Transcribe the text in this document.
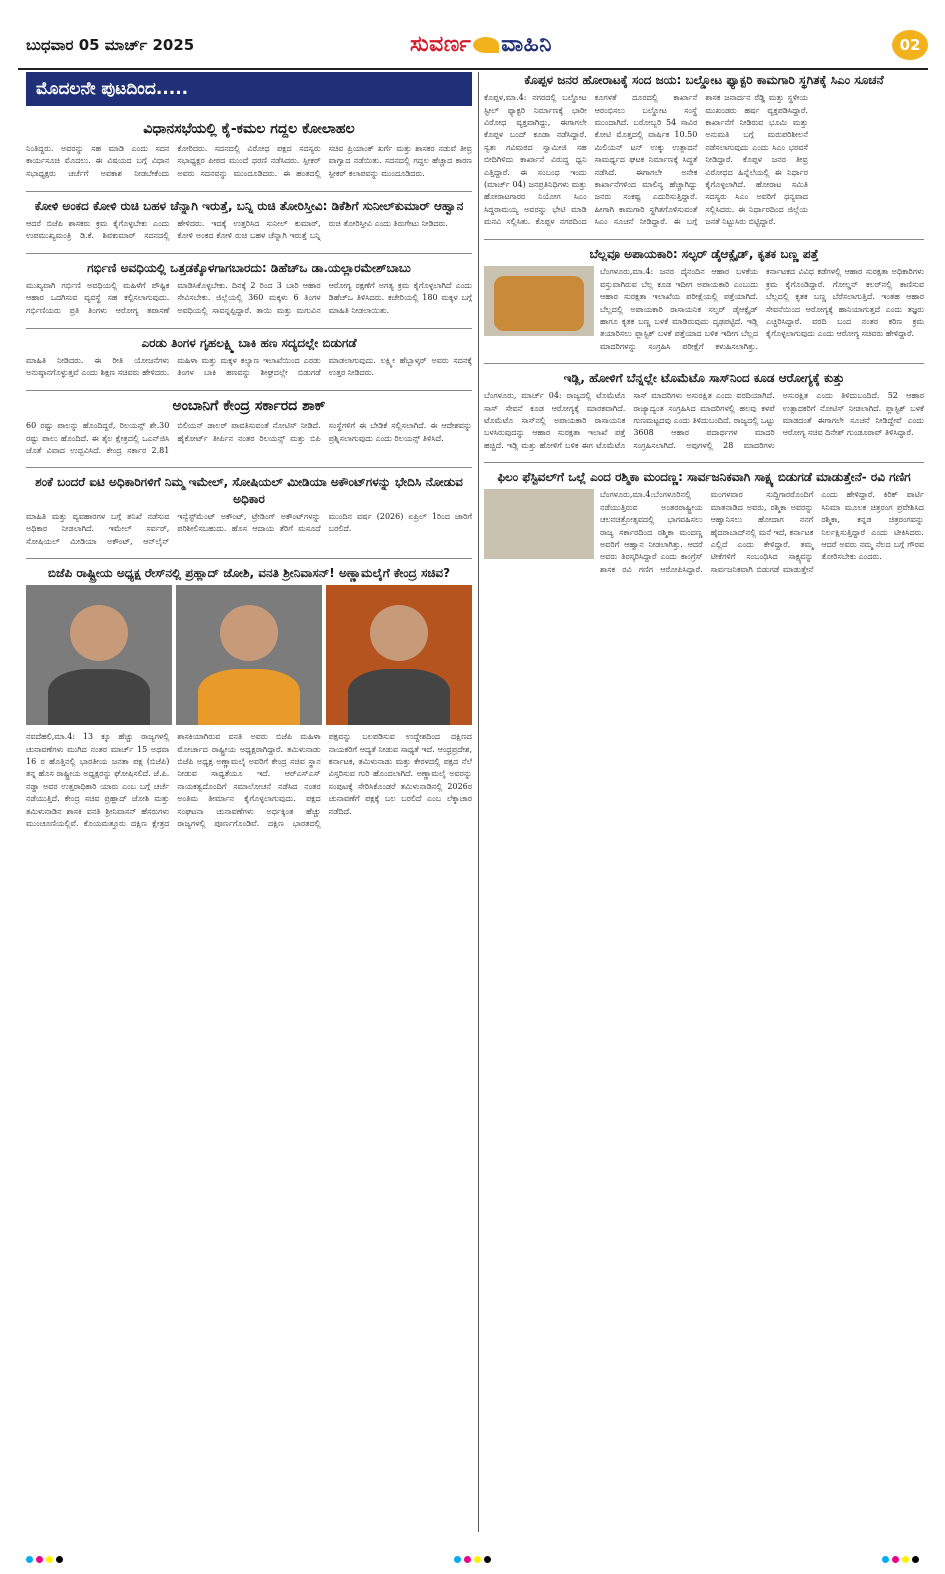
ಬುಧವಾರ 05 ಮಾರ್ಚ್ 2025	ಸುವರ್ಣ ವಾಹಿನಿ	02
ಮೊದಲನೇ ಪುಟದಿಂದ.....
ವಿಧಾನಸಭೆಯಲ್ಲಿ ಕೈ-ಕಮಲ ಗದ್ದಲ ಕೋಲಾಹಲ

ನಿಂತಿದ್ದರು. ಅವರನ್ನು ಸಹ ಮಾಡಿ ಎಂದು ಸದನ ಕಾರ್ಯಸೂಚಿ ಮೊದಲು. ಈ ವಿಷಯದ ಬಗ್ಗೆ ವಿಧಾನ ಸಭಾಧ್ಯಕ್ಷರು ಚರ್ಚೆಗೆ ಅವಕಾಶ ನೀಡಬೇಕೆಂದು ಕೋರಿದರು. ಸದನದಲ್ಲಿ ವಿರೋಧ ಪಕ್ಷದ ಸದಸ್ಯರು ಸಭಾಧ್ಯಕ್ಷರ ಪೀಠದ ಮುಂದೆ ಧರಣಿ ನಡೆಸಿದರು. ಸ್ಪೀಕರ್ ಅವರು ಸದನವನ್ನು ಮುಂದೂಡಿದರು. ಈ ಹಂತದಲ್ಲಿ ಸಚಿವ ಪ್ರಿಯಾಂಕ್ ಖರ್ಗೆ ಮತ್ತು ಶಾಸಕರ ನಡುವೆ ತೀವ್ರ ವಾಗ್ವಾದ ನಡೆಯಿತು. ಸದನದಲ್ಲಿ ಗದ್ದಲ ಹೆಚ್ಚಾದ ಕಾರಣ ಸ್ಪೀಕರ್ ಕಲಾಪವನ್ನು ಮುಂದೂಡಿದರು.

ಕೋಳಿ ಅಂಕದ ಕೋಳಿ ರುಚಿ ಬಹಳ ಚೆನ್ನಾಗಿ ಇರುತ್ತೆ, ಬನ್ನಿ ರುಚಿ ತೋರಿಸ್ತೀವಿ: ಡಿಕೆಶಿಗೆ ಸುನೀಲ್‌ಕುಮಾರ್ ಆಹ್ವಾನ

ಆದರೆ ಬಿಜೆಪಿ ಶಾಸಕರು ಕ್ರಮ ಕೈಗೊಳ್ಳಬೇಕು ಎಂದು ಉಪಮುಖ್ಯಮಂತ್ರಿ ಡಿ.ಕೆ. ಶಿವಕುಮಾರ್ ಸದನದಲ್ಲಿ ಹೇಳಿದರು. ಇದಕ್ಕೆ ಉತ್ತರಿಸಿದ ಸುನೀಲ್ ಕುಮಾರ್, ಕೋಳಿ ಅಂಕದ ಕೋಳಿ ರುಚಿ ಬಹಳ ಚೆನ್ನಾಗಿ ಇರುತ್ತೆ ಬನ್ನಿ ರುಚಿ ತೋರಿಸ್ತೀವಿ ಎಂದು ತಿರುಗೇಟು ನೀಡಿದರು.

ಗರ್ಭಿಣಿ ಅವಧಿಯಲ್ಲಿ ಒತ್ತಡಕ್ಕೊಳಗಾಗಬಾರದು: ಡಿಹೆಚ್‌ಒ ಡಾ.ಯಲ್ಲಾರಮೇಶ್‌ಬಾಬು

ಮುಖ್ಯವಾಗಿ ಗರ್ಭಿಣಿ ಅವಧಿಯಲ್ಲಿ ಮಹಿಳೆಗೆ ಪೌಷ್ಟಿಕ ಆಹಾರ ಒದಗಿಸುವ ವ್ಯವಸ್ಥೆ ಸಹ ಕಲ್ಪಿಸಲಾಗುವುದು. ಗರ್ಭಿಣಿಯರು ಪ್ರತಿ ತಿಂಗಳು ಆರೋಗ್ಯ ತಪಾಸಣೆ ಮಾಡಿಸಿಕೊಳ್ಳಬೇಕು. ದಿನಕ್ಕೆ 2 ರಿಂದ 3 ಬಾರಿ ಆಹಾರ ಸೇವಿಸಬೇಕು. ಜಿಲ್ಲೆಯಲ್ಲಿ 360 ಮಕ್ಕಳು 6 ತಿಂಗಳ ಅವಧಿಯಲ್ಲಿ ಸಾವನ್ನಪ್ಪಿದ್ದಾರೆ. ತಾಯಿ ಮತ್ತು ಮಗುವಿನ ಆರೋಗ್ಯ ರಕ್ಷಣೆಗೆ ಅಗತ್ಯ ಕ್ರಮ ಕೈಗೊಳ್ಳಲಾಗಿದೆ ಎಂದು ಡಿಹೆಚ್‌ಒ ತಿಳಿಸಿದರು. ಕಚೇರಿಯಲ್ಲಿ 180 ಮಕ್ಕಳ ಬಗ್ಗೆ ಮಾಹಿತಿ ನೀಡಲಾಯಿತು.

ಎರಡು ತಿಂಗಳ ಗೃಹಲಕ್ಷ್ಮಿ ಬಾಕಿ ಹಣ ಸದ್ಯದಲ್ಲೇ ಬಿಡುಗಡೆ

ಮಾಹಿತಿ ನೀಡಿದರು. ಈ ರೀತಿ ಯೋಜನೆಗಳು ಅನುಷ್ಠಾನಗೊಳ್ಳುತ್ತವೆ ಎಂದು ಶಿಕ್ಷಣ ಸಚಿವರು ಹೇಳಿದರು. ಮಹಿಳಾ ಮತ್ತು ಮಕ್ಕಳ ಕಲ್ಯಾಣ ಇಲಾಖೆಯಿಂದ ಎರಡು ತಿಂಗಳ ಬಾಕಿ ಹಣವನ್ನು ಶೀಘ್ರದಲ್ಲೇ ಬಿಡುಗಡೆ ಮಾಡಲಾಗುವುದು. ಲಕ್ಷ್ಮೀ ಹೆಬ್ಬಾಳ್ಕರ್ ಅವರು ಸದನಕ್ಕೆ ಉತ್ತರ ನೀಡಿದರು.

ಅಂಬಾನಿಗೆ ಕೇಂದ್ರ ಸರ್ಕಾರದ ಶಾಕ್

60 ರಷ್ಟು ಪಾಲನ್ನು ಹೊಂದಿದ್ದರೆ, ರಿಲಯನ್ಸ್ ಶೇ.30 ರಷ್ಟು ಪಾಲು ಹೊಂದಿದೆ. ಈ ತೈಲ ಕ್ಷೇತ್ರದಲ್ಲಿ ಒಎನ್‌ಜಿಸಿ ಜೊತೆ ವಿವಾದ ಉದ್ಭವಿಸಿದೆ. ಕೇಂದ್ರ ಸರ್ಕಾರ 2.81 ಬಿಲಿಯನ್ ಡಾಲರ್ ಪಾವತಿಸುವಂತೆ ನೋಟಿಸ್ ನೀಡಿದೆ. ಹೈಕೋರ್ಟ್ ತೀರ್ಪಿನ ನಂತರ ರಿಲಯನ್ಸ್ ಮತ್ತು ಬಿಪಿ ಸಂಸ್ಥೆಗಳಿಗೆ ಈ ಬೇಡಿಕೆ ಸಲ್ಲಿಸಲಾಗಿದೆ. ಈ ಆದೇಶವನ್ನು ಪ್ರಶ್ನಿಸಲಾಗುವುದು ಎಂದು ರಿಲಯನ್ಸ್ ತಿಳಿಸಿದೆ.

ಶಂಕೆ ಬಂದರೆ ಐಟಿ ಅಧಿಕಾರಿಗಳಿಗೆ ನಿಮ್ಮ ಇಮೇಲ್, ಸೋಷಿಯಲ್ ಮೀಡಿಯಾ ಅಕೌಂಟ್‌ಗಳನ್ನು ಭೇದಿಸಿ ನೋಡುವ ಅಧಿಕಾರ

ಮಾಹಿತಿ ಮತ್ತು ವ್ಯವಹಾರಗಳ ಬಗ್ಗೆ ತನಿಖೆ ನಡೆಸುವ ಅಧಿಕಾರ ನೀಡಲಾಗಿದೆ. ಇಮೇಲ್ ಸರ್ವರ್, ಸೋಷಿಯಲ್ ಮೀಡಿಯಾ ಅಕೌಂಟ್, ಆನ್‌ಲೈನ್ ಇನ್ವೆಸ್ಟ್‌ಮೆಂಟ್ ಅಕೌಂಟ್, ಟ್ರೇಡಿಂಗ್ ಅಕೌಂಟ್‌ಗಳನ್ನು ಪರಿಶೀಲಿಸಬಹುದು. ಹೊಸ ಆದಾಯ ತೆರಿಗೆ ಮಸೂದೆ ಮುಂದಿನ ವರ್ಷ (2026) ಏಪ್ರಿಲ್ 1ರಿಂದ ಜಾರಿಗೆ ಬರಲಿದೆ.

ಬಿಜೆಪಿ ರಾಷ್ಟ್ರೀಯ ಅಧ್ಯಕ್ಷ ರೇಸ್‌ನಲ್ಲಿ ಪ್ರಹ್ಲಾದ್ ಜೋಶಿ, ವನತಿ ಶ್ರೀನಿವಾಸನ್! ಅಣ್ಣಾಮಲೈಗೆ ಕೇಂದ್ರ ಸಚಿವ?

ನವದೆಹಲಿ,ಮಾ.4: 13 ಕ್ಕೂ ಹೆಚ್ಚು ರಾಜ್ಯಗಳಲ್ಲಿ ಚುನಾವಣೆಗಳು ಮುಗಿದ ನಂತರ ಮಾರ್ಚ್ 15 ಅಥವಾ 16 ರ ಹೊತ್ತಿನಲ್ಲಿ ಭಾರತೀಯ ಜನತಾ ಪಕ್ಷ (ಬಿಜೆಪಿ) ತನ್ನ ಹೊಸ ರಾಷ್ಟ್ರೀಯ ಅಧ್ಯಕ್ಷರನ್ನು ಘೋಷಿಸಲಿದೆ. ಜೆ.ಪಿ. ನಡ್ಡಾ ಅವರ ಉತ್ತರಾಧಿಕಾರಿ ಯಾರು ಎಂಬ ಬಗ್ಗೆ ಚರ್ಚೆ ನಡೆಯುತ್ತಿದೆ. ಕೇಂದ್ರ ಸಚಿವ ಪ್ರಹ್ಲಾದ್ ಜೋಶಿ ಮತ್ತು ತಮಿಳುನಾಡಿನ ಶಾಸಕಿ ವನತಿ ಶ್ರೀನಿವಾಸನ್ ಹೆಸರುಗಳು ಮುಂಚೂಣಿಯಲ್ಲಿವೆ. ಕೊಯಮತ್ತೂರು ದಕ್ಷಿಣ ಕ್ಷೇತ್ರದ ಶಾಸಕಿಯಾಗಿರುವ ವನತಿ ಅವರು ಬಿಜೆಪಿ ಮಹಿಳಾ ಮೋರ್ಚಾದ ರಾಷ್ಟ್ರೀಯ ಅಧ್ಯಕ್ಷರಾಗಿದ್ದಾರೆ. ತಮಿಳುನಾಡು ಬಿಜೆಪಿ ಅಧ್ಯಕ್ಷ ಅಣ್ಣಾಮಲೈ ಅವರಿಗೆ ಕೇಂದ್ರ ಸಚಿವ ಸ್ಥಾನ ನೀಡುವ ಸಾಧ್ಯತೆಯೂ ಇದೆ. ಆರ್‌ಎಸ್‌ಎಸ್ ನಾಯಕತ್ವದೊಂದಿಗೆ ಸಮಾಲೋಚನೆ ನಡೆಸಿದ ನಂತರ ಅಂತಿಮ ತೀರ್ಮಾನ ಕೈಗೊಳ್ಳಲಾಗುವುದು. ಪಕ್ಷದ ಸಂಘಟನಾ ಚುನಾವಣೆಗಳು ಅರ್ಧಕ್ಕಿಂತ ಹೆಚ್ಚು ರಾಜ್ಯಗಳಲ್ಲಿ ಪೂರ್ಣಗೊಂಡಿವೆ. ದಕ್ಷಿಣ ಭಾರತದಲ್ಲಿ ಪಕ್ಷವನ್ನು ಬಲಪಡಿಸುವ ಉದ್ದೇಶದಿಂದ ದಕ್ಷಿಣದ ನಾಯಕರಿಗೆ ಆದ್ಯತೆ ನೀಡುವ ಸಾಧ್ಯತೆ ಇದೆ. ಆಂಧ್ರಪ್ರದೇಶ, ಕರ್ನಾಟಕ, ತಮಿಳುನಾಡು ಮತ್ತು ಕೇರಳದಲ್ಲಿ ಪಕ್ಷದ ನೆಲೆ ವಿಸ್ತರಿಸುವ ಗುರಿ ಹೊಂದಲಾಗಿದೆ. ಅಣ್ಣಾಮಲೈ ಅವರನ್ನು ಸಂಪುಟಕ್ಕೆ ಸೇರಿಸಿಕೊಂಡರೆ ತಮಿಳುನಾಡಿನಲ್ಲಿ 2026ರ ಚುನಾವಣೆಗೆ ಪಕ್ಷಕ್ಕೆ ಬಲ ಬರಲಿದೆ ಎಂಬ ಲೆಕ್ಕಾಚಾರ ನಡೆದಿದೆ.

ಕೊಪ್ಪಳ ಜನರ ಹೋರಾಟಕ್ಕೆ ಸಂದ ಜಯ: ಬಲ್ಡೋಟ ಫ್ಯಾಕ್ಟರಿ ಕಾಮಗಾರಿ ಸ್ಥಗಿತಕ್ಕೆ ಸಿಎಂ ಸೂಚನೆ

ಕೊಪ್ಪಳ,ಮಾ.4: ನಗರದಲ್ಲಿ ಬಲ್ಡೋಟ ಸ್ಟೀಲ್ ಫ್ಯಾಕ್ಟರಿ ನಿರ್ಮಾಣಕ್ಕೆ ಭಾರೀ ವಿರೋಧ ವ್ಯಕ್ತವಾಗಿದ್ದು, ಈಗಾಗಲೇ ಕೊಪ್ಪಳ ಬಂದ್ ಕೂಡಾ ನಡೆಸಿದ್ದಾರೆ. ಸ್ವತಃ ಗವಿಮಠದ ಸ್ವಾಮೀಜಿ ಸಹ ಬೀದಿಗಿಳಿದು ಕಾರ್ಖಾನೆ ವಿರುದ್ಧ ಧ್ವನಿ ಎತ್ತಿದ್ದಾರೆ. ಈ ಸಂಬಂಧ ಇಂದು (ಮಾರ್ಚ್ 04) ಜನಪ್ರತಿನಿಧಿಗಳು ಮತ್ತು ಹೋರಾಟಗಾರರ ನಿಯೋಗ ಸಿಎಂ ಸಿದ್ದರಾಮಯ್ಯ ಅವರನ್ನು ಭೇಟಿ ಮಾಡಿ ಮನವಿ ಸಲ್ಲಿಸಿತು. ಕೊಪ್ಪಳ ನಗರದಿಂದ ಕೂಗಳತೆ ದೂರದಲ್ಲಿ ಕಾರ್ಖಾನೆ ಆರಂಭಿಸಲು ಬಲ್ಡೋಟ ಸಂಸ್ಥೆ ಮುಂದಾಗಿದೆ. ಬರೋಬ್ಬರಿ 54 ಸಾವಿರ ಕೋಟಿ ಮೊತ್ತದಲ್ಲಿ ವಾರ್ಷಿಕ 10.50 ಮಿಲಿಯನ್ ಟನ್ ಉಕ್ಕು ಉತ್ಪಾದನೆ ಸಾಮರ್ಥ್ಯದ ಘಟಕ ನಿರ್ಮಾಣಕ್ಕೆ ಸಿದ್ಧತೆ ನಡೆಸಿದೆ. ಈಗಾಗಲೇ ಅನೇಕ ಕಾರ್ಖಾನೆಗಳಿಂದ ಮಾಲಿನ್ಯ ಹೆಚ್ಚಾಗಿದ್ದು ಜನರು ಸಂಕಷ್ಟ ಎದುರಿಸುತ್ತಿದ್ದಾರೆ. ಹೀಗಾಗಿ ಕಾಮಗಾರಿ ಸ್ಥಗಿತಗೊಳಿಸುವಂತೆ ಸಿಎಂ ಸೂಚನೆ ನೀಡಿದ್ದಾರೆ. ಈ ಬಗ್ಗೆ ಶಾಸಕ ಜನಾರ್ದನ ರೆಡ್ಡಿ ಮತ್ತು ಸ್ಥಳೀಯ ಮುಖಂಡರು ಹರ್ಷ ವ್ಯಕ್ತಪಡಿಸಿದ್ದಾರೆ. ಕಾರ್ಖಾನೆಗೆ ನೀಡಿರುವ ಭೂಮಿ ಮತ್ತು ಅನುಮತಿ ಬಗ್ಗೆ ಮರುಪರಿಶೀಲನೆ ನಡೆಸಲಾಗುವುದು ಎಂದು ಸಿಎಂ ಭರವಸೆ ನೀಡಿದ್ದಾರೆ. ಕೊಪ್ಪಳ ಜನರ ತೀವ್ರ ವಿರೋಧದ ಹಿನ್ನೆಲೆಯಲ್ಲಿ ಈ ನಿರ್ಧಾರ ಕೈಗೊಳ್ಳಲಾಗಿದೆ. ಹೋರಾಟ ಸಮಿತಿ ಸದಸ್ಯರು ಸಿಎಂ ಅವರಿಗೆ ಧನ್ಯವಾದ ಸಲ್ಲಿಸಿದರು. ಈ ನಿರ್ಧಾರದಿಂದ ಜಿಲ್ಲೆಯ ಜನತೆ ನಿಟ್ಟುಸಿರು ಬಿಟ್ಟಿದ್ದಾರೆ.

ಬೆಲ್ಲವೂ ಅಪಾಯಕಾರಿ: ಸಲ್ಫರ್ ಡೈಆಕ್ಸೈಡ್, ಕೃತಕ ಬಣ್ಣ ಪತ್ತೆ

ಬೆಂಗಳೂರು,ಮಾ.4: ಜನರ ದೈನಂದಿನ ಆಹಾರ ಬಳಕೆಯ ವಸ್ತುವಾಗಿರುವ ಬೆಲ್ಲ ಕೂಡ ಇದೀಗ ಅಪಾಯಕಾರಿ ಎಂಬುದು ಆಹಾರ ಸುರಕ್ಷತಾ ಇಲಾಖೆಯ ಪರೀಕ್ಷೆಯಲ್ಲಿ ಪತ್ತೆಯಾಗಿದೆ. ಬೆಲ್ಲದಲ್ಲಿ ಅಪಾಯಕಾರಿ ರಾಸಾಯನಿಕ ಸಲ್ಫರ್ ಡೈಆಕ್ಸೈಡ್ ಹಾಗೂ ಕೃತಕ ಬಣ್ಣ ಬಳಕೆ ಮಾಡಿರುವುದು ದೃಢಪಟ್ಟಿದೆ. ಇಡ್ಲಿ ತಯಾರಿಸಲು ಪ್ಲಾಸ್ಟಿಕ್ ಬಳಕೆ ಪತ್ತೆಯಾದ ಬಳಿಕ ಇದೀಗ ಬೆಲ್ಲದ ಮಾದರಿಗಳನ್ನು ಸಂಗ್ರಹಿಸಿ ಪರೀಕ್ಷೆಗೆ ಕಳುಹಿಸಲಾಗಿತ್ತು. ಕರ್ನಾಟಕದ ವಿವಿಧ ಕಡೆಗಳಲ್ಲಿ ಆಹಾರ ಸುರಕ್ಷತಾ ಅಧಿಕಾರಿಗಳು ಕ್ರಮ ಕೈಗೊಂಡಿದ್ದಾರೆ. ಗೋಲ್ಡನ್ ಕಲರ್‌ನಲ್ಲಿ ಕಾಣಿಸುವ ಬೆಲ್ಲದಲ್ಲಿ ಕೃತಕ ಬಣ್ಣ ಬೆರೆಸಲಾಗುತ್ತಿದೆ. ಇಂತಹ ಆಹಾರ ಸೇವನೆಯಿಂದ ಆರೋಗ್ಯಕ್ಕೆ ಹಾನಿಯಾಗುತ್ತದೆ ಎಂದು ತಜ್ಞರು ಎಚ್ಚರಿಸಿದ್ದಾರೆ. ವರದಿ ಬಂದ ನಂತರ ಕಠಿಣ ಕ್ರಮ ಕೈಗೊಳ್ಳಲಾಗುವುದು ಎಂದು ಆರೋಗ್ಯ ಸಚಿವರು ಹೇಳಿದ್ದಾರೆ.

ಇಡ್ಲಿ, ಹೋಳಿಗೆ ಬೆನ್ನಲ್ಲೇ ಟೊಮೆಟೊ ಸಾಸ್‌ನಿಂದ ಕೂಡ ಆರೋಗ್ಯಕ್ಕೆ ಕುತ್ತು

ಬೆಂಗಳೂರು, ಮಾರ್ಚ್ 04: ರಾಜ್ಯದಲ್ಲಿ ಟೊಮೆಟೊ ಸಾಸ್ ಸೇವನೆ ಕೂಡ ಆರೋಗ್ಯಕ್ಕೆ ಮಾರಕವಾಗಿದೆ. ಟೊಮೆಟೊ ಸಾಸ್‌ನಲ್ಲಿ ಅಪಾಯಕಾರಿ ರಾಸಾಯನಿಕ ಬಳಸಿರುವುದನ್ನು ಆಹಾರ ಸುರಕ್ಷತಾ ಇಲಾಖೆ ಪತ್ತೆ ಹಚ್ಚಿದೆ. ಇಡ್ಲಿ ಮತ್ತು ಹೋಳಿಗೆ ಬಳಿಕ ಈಗ ಟೊಮೆಟೊ ಸಾಸ್ ಮಾದರಿಗಳು ಅಸುರಕ್ಷಿತ ಎಂದು ವರದಿಯಾಗಿದೆ. ರಾಜ್ಯಾದ್ಯಂತ ಸಂಗ್ರಹಿಸಿದ ಮಾದರಿಗಳಲ್ಲಿ ಹಲವು ಕಳಪೆ ಗುಣಮಟ್ಟದವು ಎಂದು ತಿಳಿದುಬಂದಿದೆ. ರಾಜ್ಯದಲ್ಲಿ ಒಟ್ಟು 3608 ಆಹಾರ ಪದಾರ್ಥಗಳ ಮಾದರಿ ಸಂಗ್ರಹಿಸಲಾಗಿದೆ. ಅವುಗಳಲ್ಲಿ 28 ಮಾದರಿಗಳು ಅಸುರಕ್ಷಿತ ಎಂದು ತಿಳಿದುಬಂದಿದೆ. 52 ಆಹಾರ ಉತ್ಪಾದಕರಿಗೆ ನೋಟಿಸ್ ನೀಡಲಾಗಿದೆ. ಪ್ಲಾಸ್ಟಿಕ್ ಬಳಕೆ ಮಾಡದಂತೆ ಈಗಾಗಲೇ ಸೂಚನೆ ನೀಡಿದ್ದೇವೆ ಎಂದು ಆರೋಗ್ಯ ಸಚಿವ ದಿನೇಶ್ ಗುಂಡೂರಾವ್ ತಿಳಿಸಿದ್ದಾರೆ.

ಫಿಲಂ ಫೆಸ್ಟಿವಲ್‌ಗೆ ಒಲ್ಲೆ ಎಂದ ರಶ್ಮಿಕಾ ಮಂದಣ್ಣ: ಸಾರ್ವಜನಿಕವಾಗಿ ಸಾಕ್ಷ್ಯ ಬಿಡುಗಡೆ ಮಾಡುತ್ತೇನೆ- ರವಿ ಗಣಿಗ

ಬೆಂಗಳೂರು,ಮಾ.4:ಬೆಂಗಳೂರಿನಲ್ಲಿ ನಡೆಯುತ್ತಿರುವ ಅಂತರರಾಷ್ಟ್ರೀಯ ಚಲನಚಿತ್ರೋತ್ಸವದಲ್ಲಿ ಭಾಗವಹಿಸಲು ರಾಜ್ಯ ಸರ್ಕಾರದಿಂದ ರಶ್ಮಿಕಾ ಮಂದಣ್ಣ ಅವರಿಗೆ ಆಹ್ವಾನ ನೀಡಲಾಗಿತ್ತು. ಆದರೆ ಅವರು ತಿರಸ್ಕರಿಸಿದ್ದಾರೆ ಎಂದು ಕಾಂಗ್ರೆಸ್ ಶಾಸಕ ರವಿ ಗಣಿಗ ಆರೋಪಿಸಿದ್ದಾರೆ. ಮಂಗಳವಾರ ಸುದ್ದಿಗಾರರೊಂದಿಗೆ ಮಾತನಾಡಿದ ಅವರು, ರಶ್ಮಿಕಾ ಅವರನ್ನು ಆಹ್ವಾನಿಸಲು ಹೋದಾಗ ನನಗೆ ಹೈದರಾಬಾದ್‌ನಲ್ಲಿ ಮನೆ ಇದೆ, ಕರ್ನಾಟಕ ಎಲ್ಲಿದೆ ಎಂದು ಕೇಳಿದ್ದಾರೆ. ತಮ್ಮ ಟೀಕೆಗಳಿಗೆ ಸಂಬಂಧಿಸಿದ ಸಾಕ್ಷ್ಯವನ್ನು ಸಾರ್ವಜನಿಕವಾಗಿ ಬಿಡುಗಡೆ ಮಾಡುತ್ತೇನೆ ಎಂದು ಹೇಳಿದ್ದಾರೆ. ಕಿರಿಕ್ ಪಾರ್ಟಿ ಸಿನಿಮಾ ಮೂಲಕ ಚಿತ್ರರಂಗ ಪ್ರವೇಶಿಸಿದ ರಶ್ಮಿಕಾ, ಕನ್ನಡ ಚಿತ್ರರಂಗವನ್ನು ನಿರ್ಲಕ್ಷಿಸುತ್ತಿದ್ದಾರೆ ಎಂದು ಟೀಕಿಸಿದರು. ಆದರೆ ಅವರು ನಮ್ಮ ನೆಲದ ಬಗ್ಗೆ ಗೌರವ ತೋರಿಸಬೇಕು ಎಂದರು.
